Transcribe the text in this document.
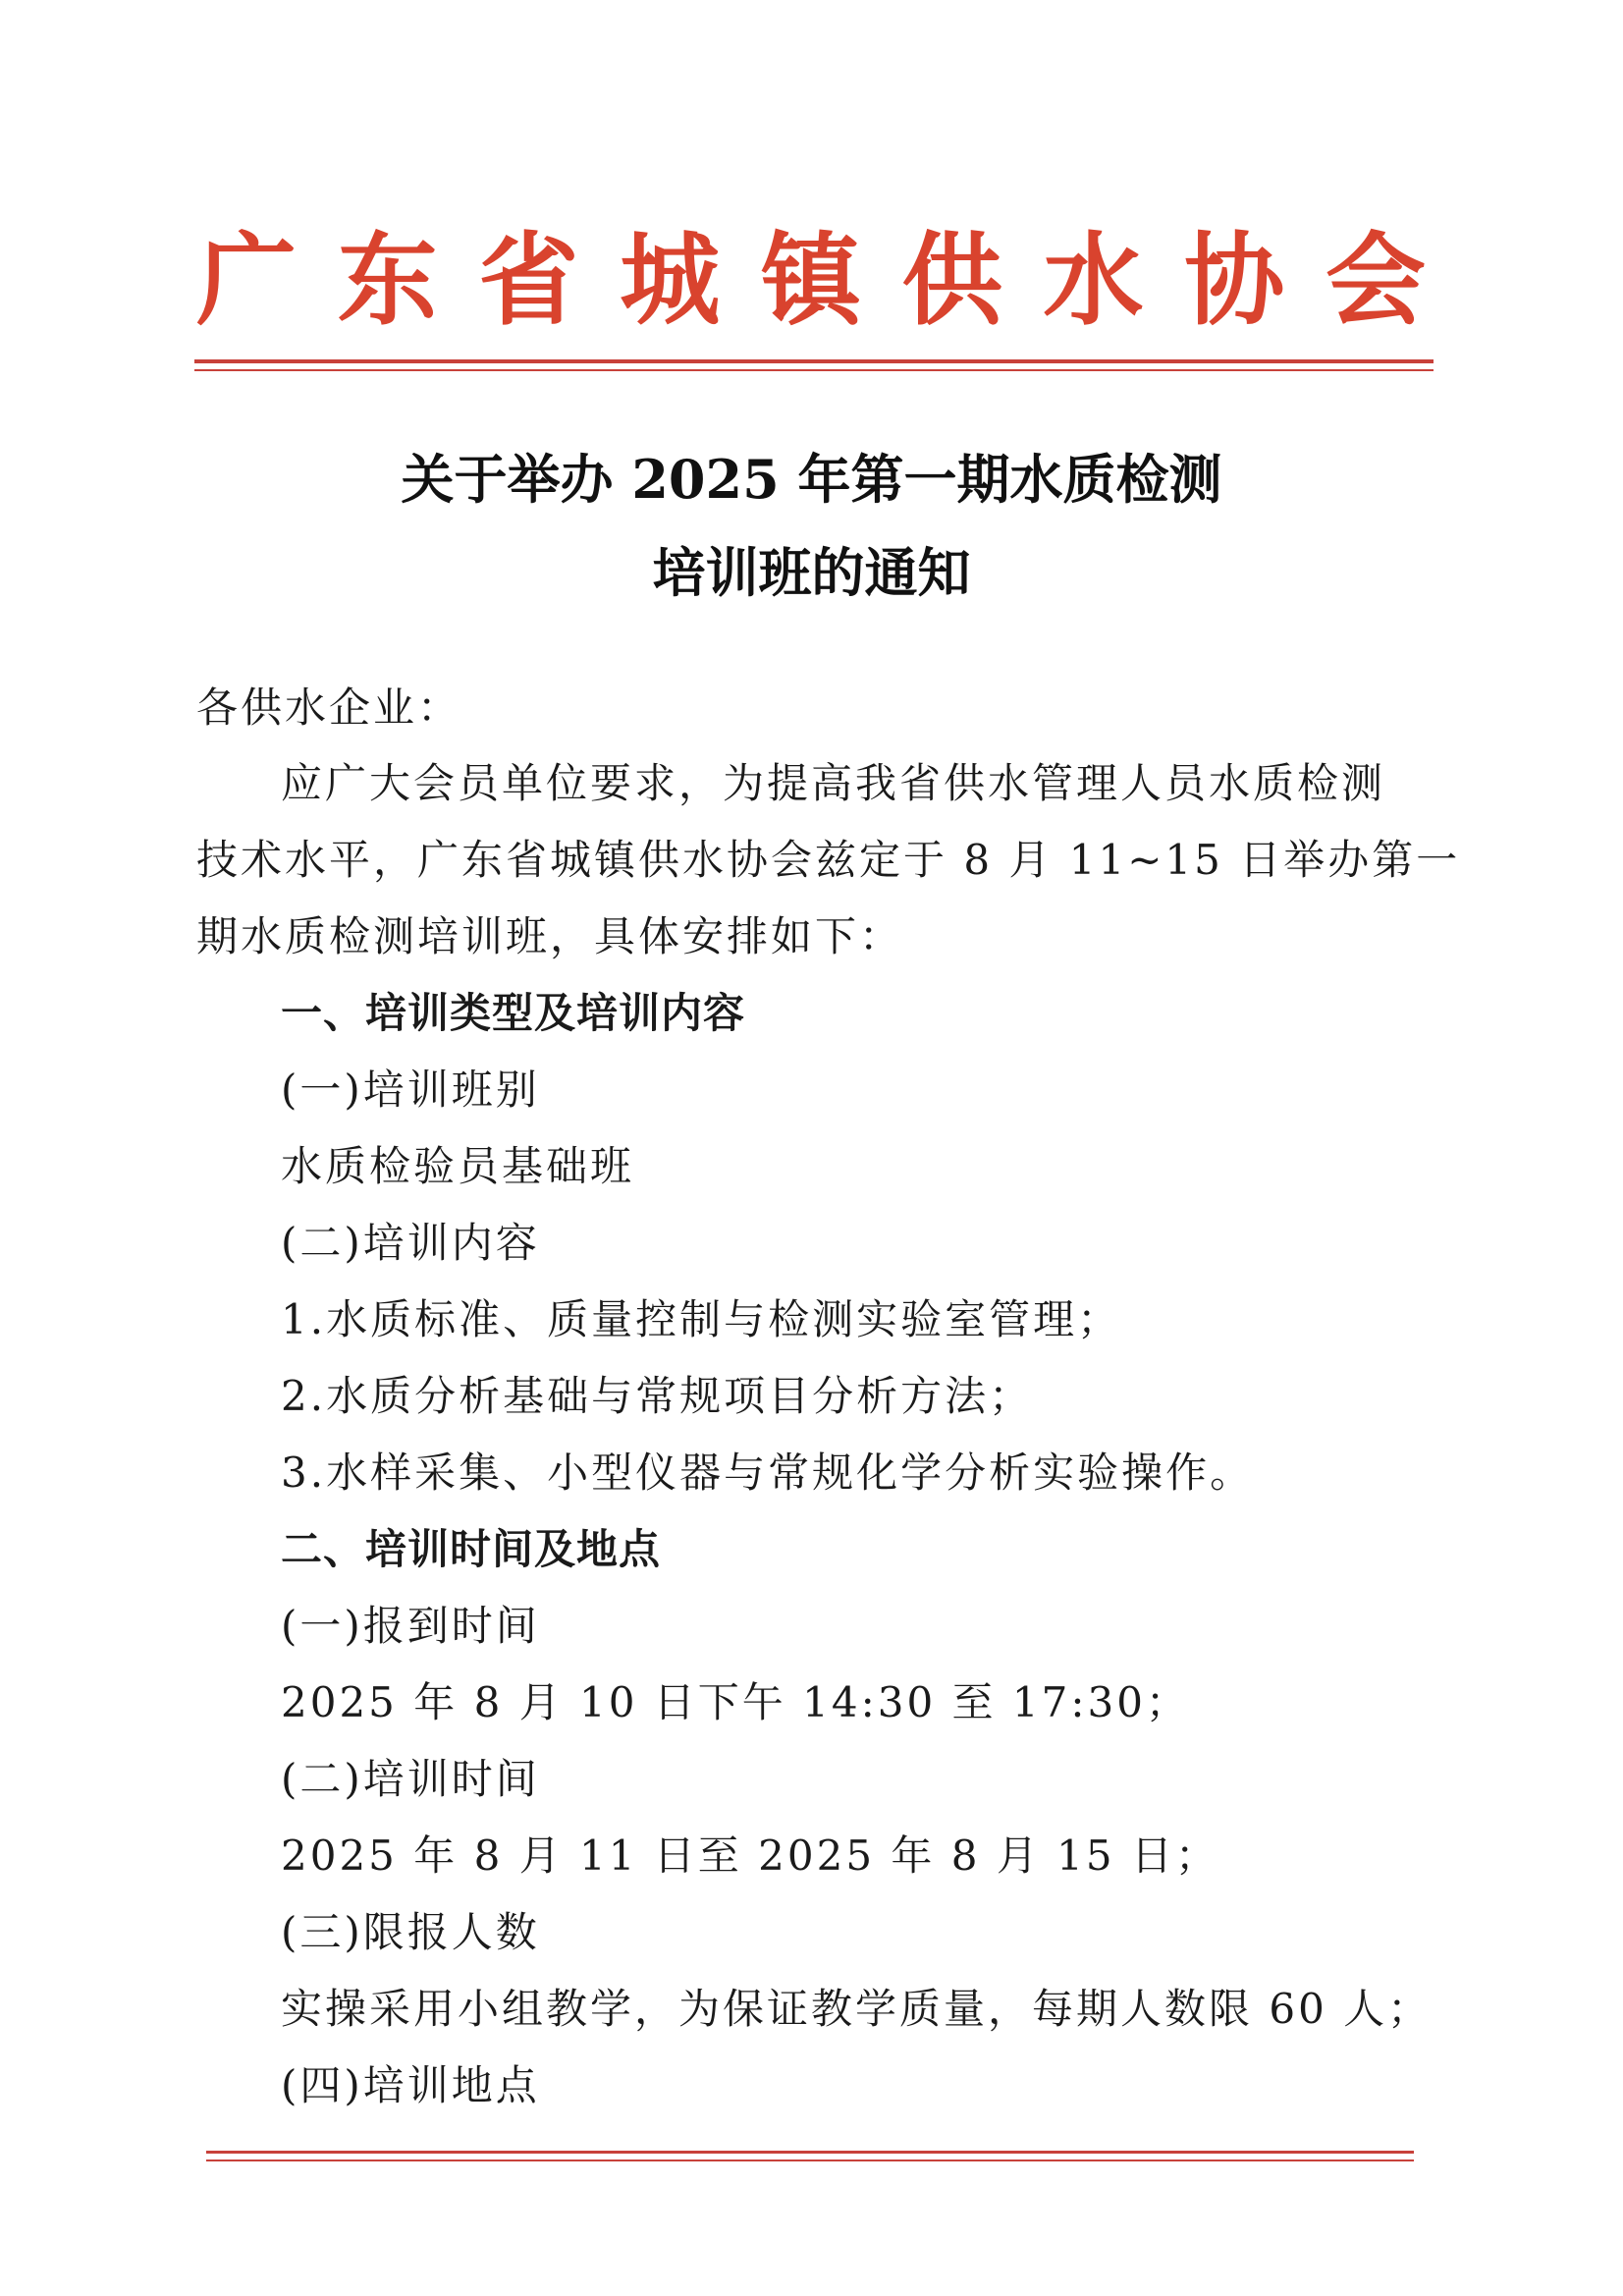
广 东 省 城 镇 供 水 协 会
关于举办 2025 年第一期水质检测
培训班的通知
各供水企业：
应广大会员单位要求，为提高我省供水管理人员水质检测
技术水平，广东省城镇供水协会兹定于 8 月 11~15 日举办第一
期水质检测培训班，具体安排如下：
一、培训类型及培训内容
(一)培训班别
水质检验员基础班
(二)培训内容
1.水质标准、质量控制与检测实验室管理；
2.水质分析基础与常规项目分析方法；
3.水样采集、小型仪器与常规化学分析实验操作。
二、培训时间及地点
(一)报到时间
2025 年 8 月 10 日下午 14:30 至 17:30；
(二)培训时间
2025 年 8 月 11 日至 2025 年 8 月 15 日；
(三)限报人数
实操采用小组教学，为保证教学质量，每期人数限 60 人；
(四)培训地点
